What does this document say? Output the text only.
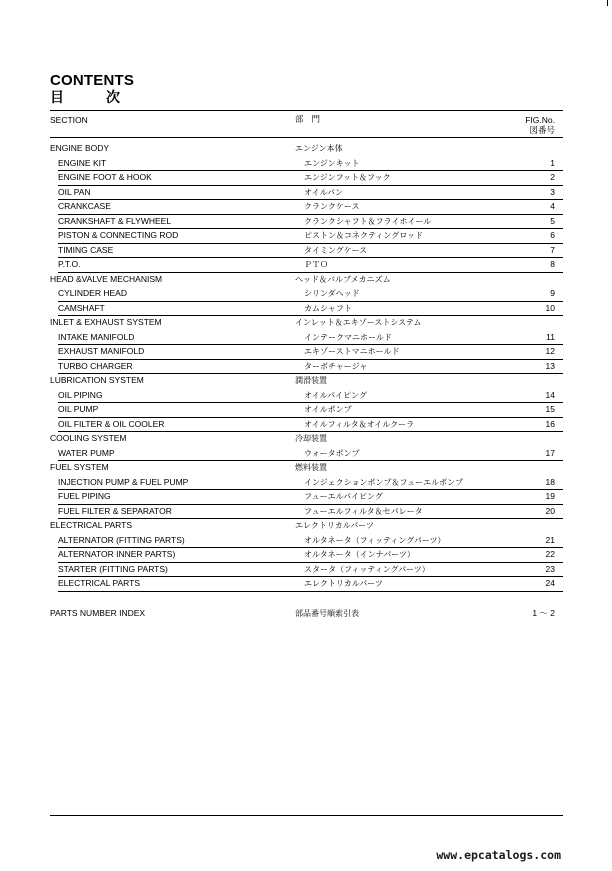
CONTENTS
目次
SECTION	部門	FIG.No.
図番号
ENGINE BODY	エンジン本体
ENGINE KIT	エンジンキット	1
ENGINE FOOT & HOOK	エンジンフット＆フック	2
OIL PAN	オイルパン	3
CRANKCASE	クランクケース	4
CRANKSHAFT & FLYWHEEL	クランクシャフト＆フライホイール	5
PISTON & CONNECTING ROD	ピストン＆コネクティングロッド	6
TIMING CASE	タイミングケース	7
P.T.O.	ＰＴＯ	8
HEAD &VALVE MECHANISM	ヘッド＆バルブメカニズム
CYLINDER HEAD	シリンダヘッド	9
CAMSHAFT	カムシャフト	10
INLET & EXHAUST SYSTEM	インレット＆エキゾーストシステム
INTAKE MANIFOLD	インテークマニホールド	11
EXHAUST MANIFOLD	エキゾーストマニホールド	12
TURBO CHARGER	ターボチャージャ	13
LUBRICATION SYSTEM	潤滑装置
OIL PIPING	オイルパイピング	14
OIL PUMP	オイルポンプ	15
OIL FILTER & OIL COOLER	オイルフィルタ＆オイルクーラ	16
COOLING SYSTEM	冷却装置
WATER PUMP	ウォータポンプ	17
FUEL SYSTEM	燃料装置
INJECTION PUMP & FUEL PUMP	インジェクションポンプ＆フューエルポンプ	18
FUEL PIPING	フューエルパイピング	19
FUEL FILTER & SEPARATOR	フューエルフィルタ＆セパレータ	20
ELECTRICAL PARTS	エレクトリカルパーツ
ALTERNATOR (FITTING PARTS)	オルタネータ（フィッティングパーツ）	21
ALTERNATOR INNER PARTS)	オルタネータ（インナパーツ）	22
STARTER (FITTING PARTS)	スタータ（フィッティングパーツ）	23
ELECTRICAL PARTS	エレクトリカルパーツ	24
PARTS NUMBER INDEX	部品番号順索引表	1 ～ 2
www.epcatalogs.com
